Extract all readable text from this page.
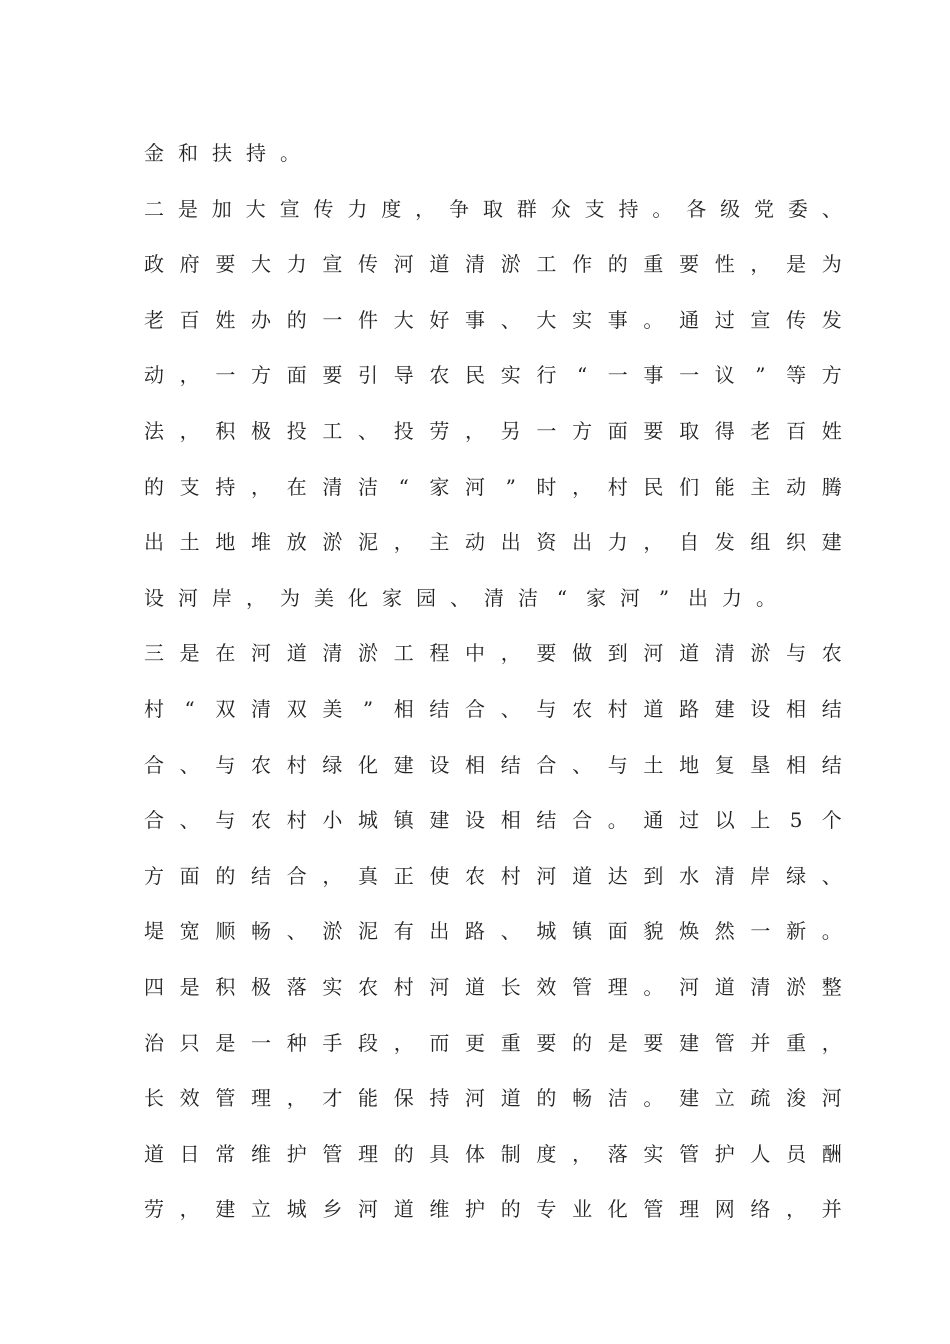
金 和 扶 持 。
二 是 加 大 宣 传 力 度 ， 争 取 群 众 支 持 。 各 级 党 委 、
政 府 要 大 力 宣 传 河 道 清 淤 工 作 的 重 要 性 ， 是 为
老 百 姓 办 的 一 件 大 好 事 、 大 实 事 。 通 过 宣 传 发
动 ， 一 方 面 要 引 导 农 民 实 行 “ 一 事 一 议 ” 等 方
法 ， 积 极 投 工 、 投 劳 ， 另 一 方 面 要 取 得 老 百 姓
的 支 持 ， 在 清 洁 “ 家 河 ” 时 ， 村 民 们 能 主 动 腾
出 土 地 堆 放 淤 泥 ， 主 动 出 资 出 力 ， 自 发 组 织 建
设 河 岸 ， 为 美 化 家 园 、 清 洁 “ 家 河 ” 出 力 。
三 是 在 河 道 清 淤 工 程 中 ， 要 做 到 河 道 清 淤 与 农
村 “ 双 清 双 美 ” 相 结 合 、 与 农 村 道 路 建 设 相 结
合 、 与 农 村 绿 化 建 设 相 结 合 、 与 土 地 复 垦 相 结
合 、 与 农 村 小 城 镇 建 设 相 结 合 。 通 过 以 上 5 个
方 面 的 结 合 ， 真 正 使 农 村 河 道 达 到 水 清 岸 绿 、
堤 宽 顺 畅 、 淤 泥 有 出 路 、 城 镇 面 貌 焕 然 一 新 。
四 是 积 极 落 实 农 村 河 道 长 效 管 理 。 河 道 清 淤 整
治 只 是 一 种 手 段 ， 而 更 重 要 的 是 要 建 管 并 重 ，
长 效 管 理 ， 才 能 保 持 河 道 的 畅 洁 。 建 立 疏 浚 河
道 日 常 维 护 管 理 的 具 体 制 度 ， 落 实 管 护 人 员 酬
劳 ， 建 立 城 乡 河 道 维 护 的 专 业 化 管 理 网 络 ， 并
